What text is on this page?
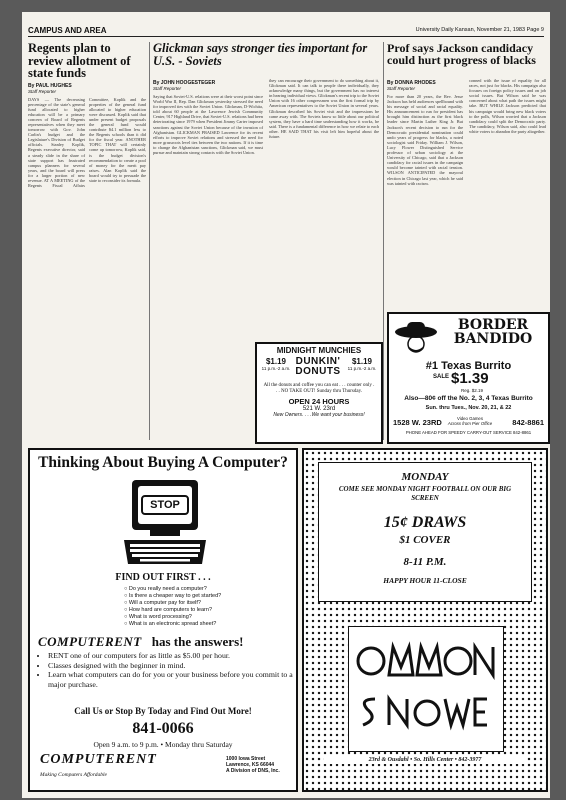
CAMPUS AND AREA	University Daily Kansan, November 21, 1983 Page 9
Regents plan to review allotment of state funds
By PAUL HUGHES
Staff Reporter
DAYS — The decreasing percentage of the state's general fund allocated to higher education will be a primary concern of Board of Regents representatives when they meet tomorrow with Gov. John Carlin's budget and the Legislature's Division of Budget officials. Stanley Koplik, Regents executive director, said a steady slide in the share of state support has frustrated campus planners for several years, and the board will press for a larger portion of new revenue. AT A MEETING of the Regents Fiscal Affairs Committee, Koplik and the properties of the general fund allocated to higher education were discussed. Koplik said that under present budget proposals the general fund would contribute $4.1 million less to the Regents schools than it did for the fiscal year. ANOTHER TOPIC THAT will certainly come up tomorrow, Koplik said, is the budget division's recommendation to create a pool of money for the merit pay raises. Alan Koplik said the board would try to persuade the state to reconsider its formula.
Glickman says stronger ties important for U.S. - Soviets
By JOHN HOOGESTEGER
Staff Reporter
Saying that Soviet-U.S. relations were at their worst point since World War II, Rep. Dan Glickman yesterday stressed the need for improved ties with the Soviet Union. Glickman, D-Wichita, told about 60 people at the Lawrence Jewish Community Center, 917 Highland Drive, that Soviet-U.S. relations had been deteriorating since 1979 when President Jimmy Carter imposed sanctions against the Soviet Union because of the invasion of Afghanistan. GLICKMAN PRAISED Lawrence for its recent efforts to improve Soviet relations and stressed the need for more grassroots level ties between the two nations. If it is time to change the Afghanistan sanctions, Glickman said, we must pursue and maintain strong contacts with the Soviet Union.
they can encourage their government to do something about it, Glickman said. It can talk to people there individually, they acknowledge many things, but the government has no interest in hearing individual views. Glickman's recent trip to the Soviet Union with 16 other congressmen was the first formal trip by American representatives to the Soviet Union in several years. Glickman described his Soviet visit and the impressions he came away with. The Soviets know so little about our political system, they have a hard time understanding how it works, he said. There is a fundamental difference in how we relate to each other. HE SAID THAT his visit left him hopeful about the future.
Prof says Jackson candidacy could hurt progress of blacks
By DONNA RHODES
Staff Reporter
For more than 20 years, the Rev. Jesse Jackson has held audiences spellbound with his message of social and racial equality. His announcement to run for president has brought him distinction as the first black leader since Martin Luther King Jr. But Jackson's recent decision to run for the Democratic presidential nomination could undo years of progress for blacks, a noted sociologist said Friday. William J. Wilson, Lucy Flower Distinguished Service professor of urban sociology at the University of Chicago, said that a Jackson candidacy for racial issues in the campaign would become tainted with racial tension. WILSON ANTICIPATED the mayoral election in Chicago last year, which he said was tainted with racism.
conned with the issue of equality for all races, not just for blacks. His campaign also focuses on foreign policy issues and on job social issues. But Wilson said he was concerned about what path the issues might take. BUT WHILE Jackson predicted that his campaign would bring new black voters to the polls, Wilson worried that a Jackson candidacy could split the Democratic party. The candidacy, Wilson said, also could lead white voters to abandon the party altogether.
MIDNIGHT MUNCHIES
$1.19
11 p.m.-2 a.m.
DUNKIN'
DONUTS
$1.19
11 p.m.-2 a.m.
All the donuts and coffee you can eat . . . counter only . . . NO TAKE OUT! Sunday thru Thursday.
OPEN 24 HOURS
521 W. 23rd
New Owners. . . .We want your business!
BORDER
BANDIDO
#1 Texas Burrito
SALE $1.39
Reg. $2.19
Also—80¢ off the No. 2, 3, 4 Texas Burrito
Sun. thru Tues., Nov. 20, 21, & 22
1528 W. 23RD	Video Games
Across from Pier Office	842-8861
PHONE AHEAD FOR SPEEDY CARRY-OUT SERVICE 842-8861
Thinking About Buying A Computer?
STOP
FIND OUT FIRST . . .
○ Do you really need a computer?
○ Is there a cheaper way to get started?
○ Will a computer pay for itself?
○ How hard are computers to learn?
○ What is word processing?
○ What is an electronic spread sheet?
COMPUTERENT has the answers!
• RENT one of our computers for as little as $5.00 per hour.
• Classes designed with the beginner in mind.
• Learn what computers can do for you or your business before you commit to a major purchase.
Call Us or Stop By Today and Find Out More!
841-0066
Open 9 a.m. to 9 p.m. • Monday thru Saturday
COMPUTERENT
Making Computers Affordable
1000 Iowa Street
Lawrence, KS 66044
A Division of DNS, Inc.
MONDAY
COME SEE MONDAY NIGHT FOOTBALL ON OUR BIG SCREEN
15¢ DRAWS
$1 COVER
8-11 P.M.
HAPPY HOUR 11-CLOSE
23rd & Ousdahl • So. Hills Center • 842-3977
